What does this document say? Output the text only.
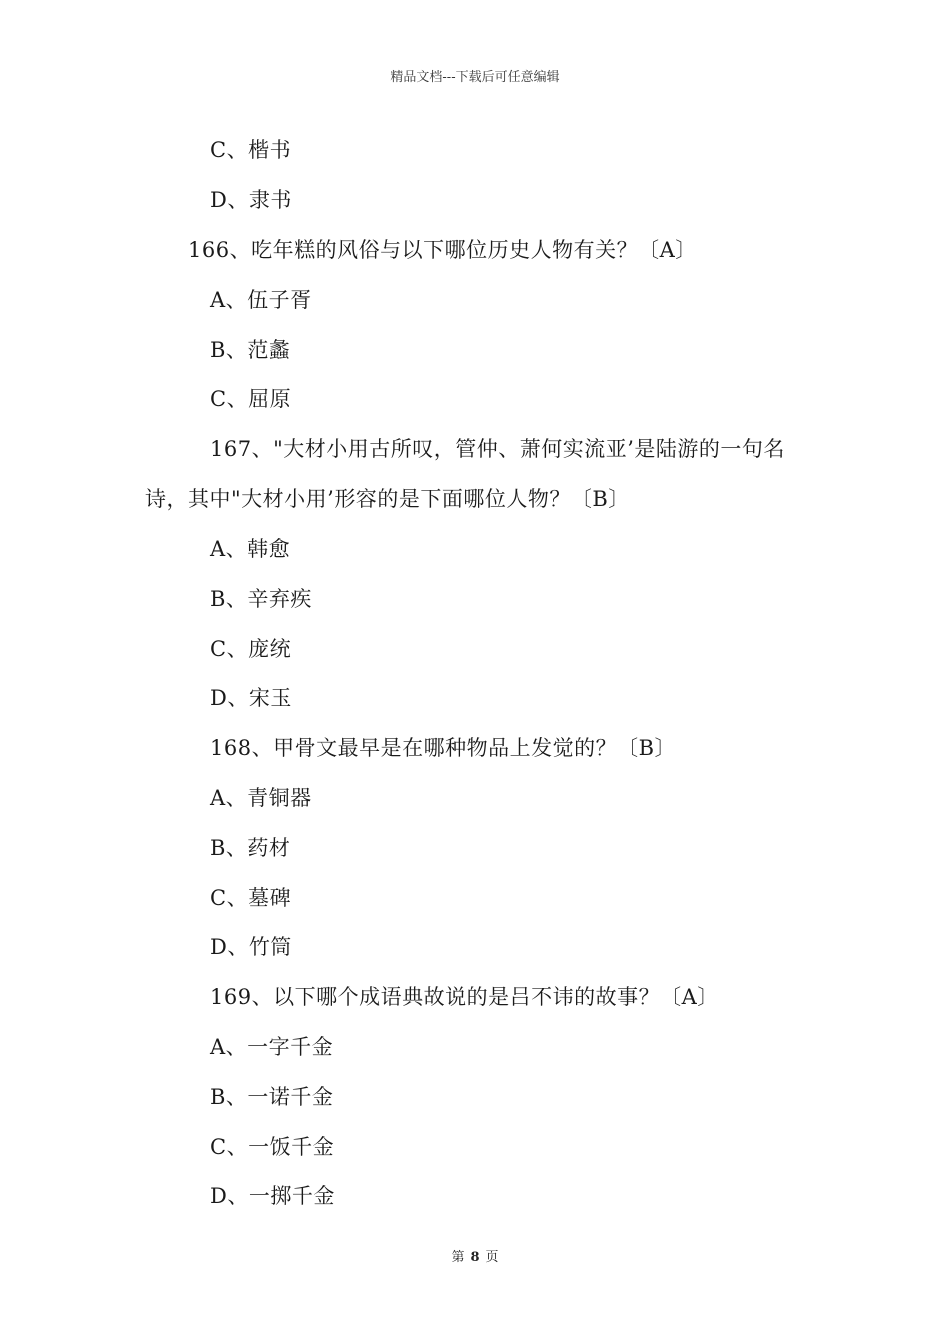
精品文档---下载后可任意编辑
C、楷书
D、隶书
166、吃年糕的风俗与以下哪位历史人物有关？〔A〕
A、伍子胥
B、范蠡
C、屈原
167、"大材小用古所叹，管仲、萧何实流亚’是陆游的一句名
诗，其中"大材小用’形容的是下面哪位人物？〔B〕
A、韩愈
B、辛弃疾
C、庞统
D、宋玉
168、甲骨文最早是在哪种物品上发觉的？〔B〕
A、青铜器
B、药材
C、墓碑
D、竹筒
169、以下哪个成语典故说的是吕不讳的故事？〔A〕
A、一字千金
B、一诺千金
C、一饭千金
D、一掷千金
第 8 页
